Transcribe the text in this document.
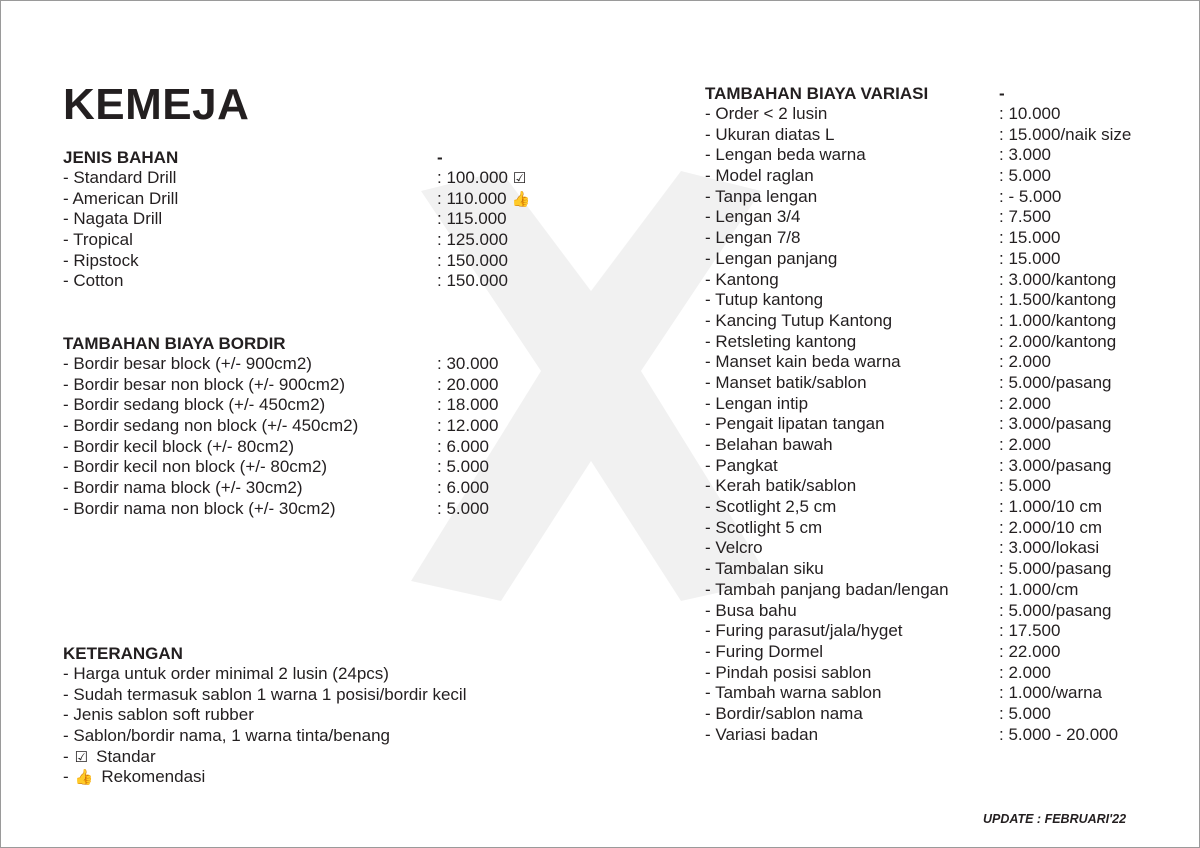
KEMEJA
JENIS BAHAN	-
- Standard Drill	: 100.000 ☑
- American Drill	: 110.000 👍
- Nagata Drill	: 115.000
- Tropical	: 125.000
- Ripstock	: 150.000
- Cotton	: 150.000
TAMBAHAN BIAYA BORDIR
- Bordir besar block (+/- 900cm2)	: 30.000
- Bordir besar non block (+/- 900cm2)	: 20.000
- Bordir sedang block (+/- 450cm2)	: 18.000
- Bordir sedang non block (+/- 450cm2)	: 12.000
- Bordir kecil block (+/- 80cm2)	: 6.000
- Bordir kecil non block (+/- 80cm2)	: 5.000
- Bordir nama block (+/- 30cm2)	: 6.000
- Bordir nama non block (+/- 30cm2)	: 5.000
KETERANGAN
- Harga untuk order minimal 2 lusin (24pcs)
- Sudah termasuk sablon 1 warna 1 posisi/bordir kecil
- Jenis sablon soft rubber
- Sablon/bordir nama, 1 warna tinta/benang
- ☑ Standar
- 👍 Rekomendasi
TAMBAHAN BIAYA VARIASI	-
- Order < 2 lusin	: 10.000
- Ukuran diatas L	: 15.000/naik size
- Lengan beda warna	: 3.000
- Model raglan	: 5.000
- Tanpa lengan	: - 5.000
- Lengan 3/4	: 7.500
- Lengan 7/8	: 15.000
- Lengan panjang	: 15.000
- Kantong	: 3.000/kantong
- Tutup kantong	: 1.500/kantong
- Kancing Tutup Kantong	: 1.000/kantong
- Retsleting kantong	: 2.000/kantong
- Manset kain beda warna	: 2.000
- Manset batik/sablon	: 5.000/pasang
- Lengan intip	: 2.000
- Pengait lipatan tangan	: 3.000/pasang
- Belahan bawah	: 2.000
- Pangkat	: 3.000/pasang
- Kerah batik/sablon	: 5.000
- Scotlight 2,5 cm	: 1.000/10 cm
- Scotlight 5 cm	: 2.000/10 cm
- Velcro	: 3.000/lokasi
- Tambalan siku	: 5.000/pasang
- Tambah panjang badan/lengan	: 1.000/cm
- Busa bahu	: 5.000/pasang
- Furing parasut/jala/hyget	: 17.500
- Furing Dormel	: 22.000
- Pindah posisi sablon	: 2.000
- Tambah warna sablon	: 1.000/warna
- Bordir/sablon nama	: 5.000
- Variasi badan	: 5.000 - 20.000

UPDATE : FEBRUARI'22
